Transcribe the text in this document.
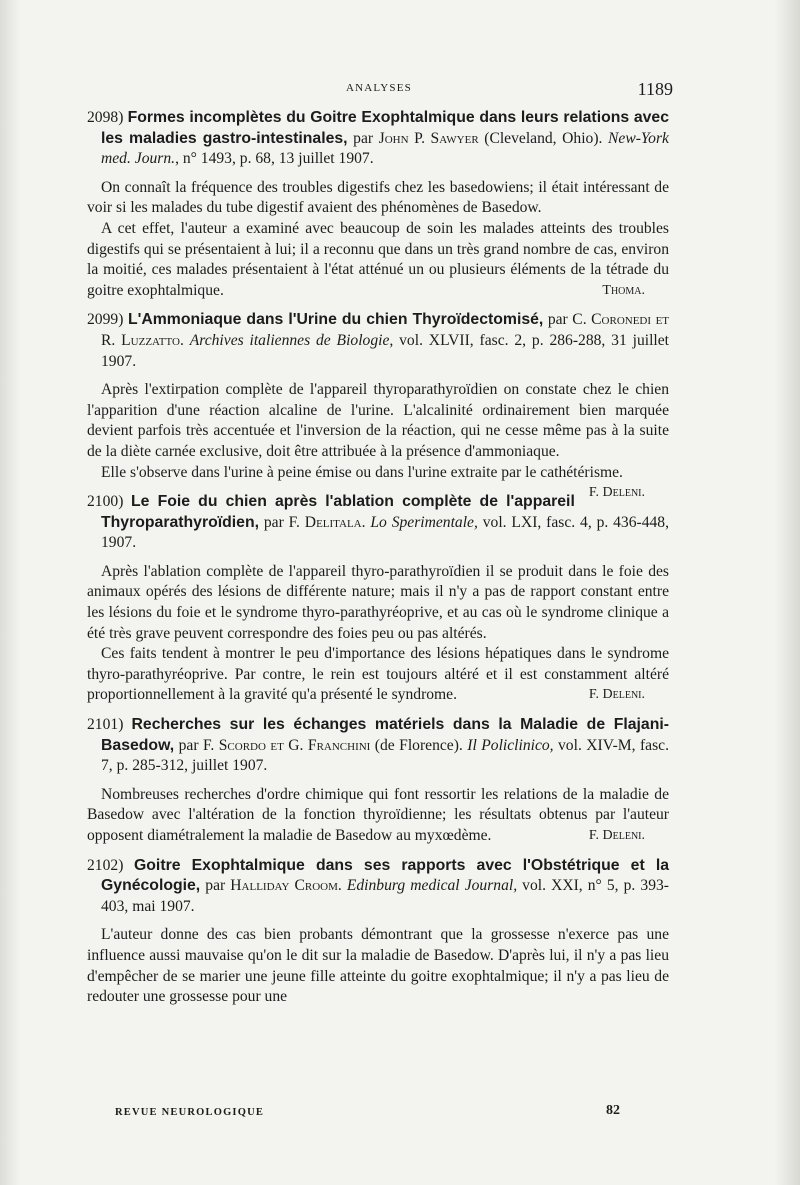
ANALYSES	1189

2098) Formes incomplètes du Goitre Exophtalmique dans leurs relations avec les maladies gastro-intestinales, par John P. Sawyer (Cleveland, Ohio). New-York med. Journ., n° 1493, p. 68, 13 juillet 1907.

On connaît la fréquence des troubles digestifs chez les basedowiens; il était intéressant de voir si les malades du tube digestif avaient des phénomènes de Basedow.

A cet effet, l'auteur a examiné avec beaucoup de soin les malades atteints des troubles digestifs qui se présentaient à lui; il a reconnu que dans un très grand nombre de cas, environ la moitié, ces malades présentaient à l'état atténué un ou plusieurs éléments de la tétrade du goitre exophtalmique.	Thoma.

2099) L'Ammoniaque dans l'Urine du chien Thyroïdectomisé, par C. Coronedi et R. Luzzatto. Archives italiennes de Biologie, vol. XLVII, fasc. 2, p. 286-288, 31 juillet 1907.

Après l'extirpation complète de l'appareil thyroparathyroïdien on constate chez le chien l'apparition d'une réaction alcaline de l'urine. L'alcalinité ordinairement bien marquée devient parfois très accentuée et l'inversion de la réaction, qui ne cesse même pas à la suite de la diète carnée exclusive, doit être attribuée à la présence d'ammoniaque.

Elle s'observe dans l'urine à peine émise ou dans l'urine extraite par le cathétérisme.
F. Deleni.

2100) Le Foie du chien après l'ablation complète de l'appareil Thyroparathyroïdien, par F. Delitala. Lo Sperimentale, vol. LXI, fasc. 4, p. 436-448, 1907.

Après l'ablation complète de l'appareil thyro-parathyroïdien il se produit dans le foie des animaux opérés des lésions de différente nature; mais il n'y a pas de rapport constant entre les lésions du foie et le syndrome thyro-parathyréoprive, et au cas où le syndrome clinique a été très grave peuvent correspondre des foies peu ou pas altérés.

Ces faits tendent à montrer le peu d'importance des lésions hépatiques dans le syndrome thyro-parathyréoprive. Par contre, le rein est toujours altéré et il est constamment altéré proportionnellement à la gravité qu'a présenté le syndrome.	F. Deleni.

2101) Recherches sur les échanges matériels dans la Maladie de Flajani-Basedow, par F. Scordo et G. Franchini (de Florence). Il Policlinico, vol. XIV-M, fasc. 7, p. 285-312, juillet 1907.

Nombreuses recherches d'ordre chimique qui font ressortir les relations de la maladie de Basedow avec l'altération de la fonction thyroïdienne; les résultats obtenus par l'auteur opposent diamétralement la maladie de Basedow au myxœdème.	F. Deleni.

2102) Goitre Exophtalmique dans ses rapports avec l'Obstétrique et la Gynécologie, par Halliday Croom. Edinburg medical Journal, vol. XXI, n° 5, p. 393-403, mai 1907.

L'auteur donne des cas bien probants démontrant que la grossesse n'exerce pas une influence aussi mauvaise qu'on le dit sur la maladie de Basedow. D'après lui, il n'y a pas lieu d'empêcher de se marier une jeune fille atteinte du goitre exophtalmique; il n'y a pas lieu de redouter une grossesse pour une

REVUE NEUROLOGIQUE	82
